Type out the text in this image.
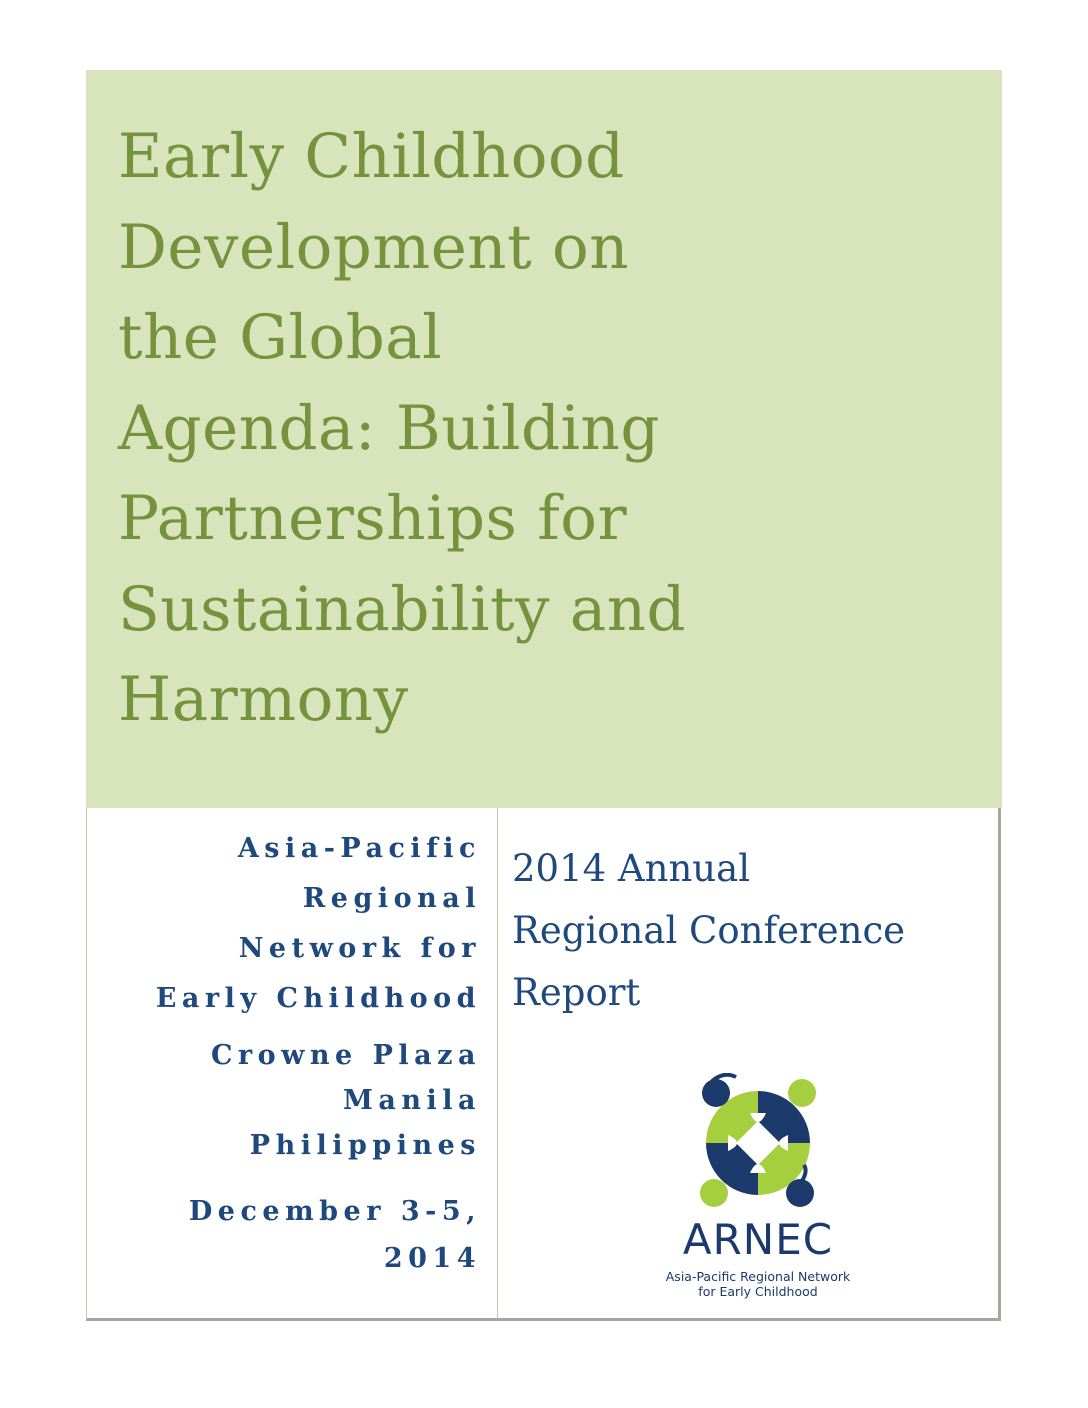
Early Childhood
Development on
the Global
Agenda: Building
Partnerships for
Sustainability and
Harmony
Asia-Pacific
Regional
Network for
Early Childhood
Crowne Plaza
Manila
Philippines
December 3-5,
2014
2014 Annual
Regional Conference
Report
ARNEC
Asia-Pacific Regional Network
for Early Childhood
